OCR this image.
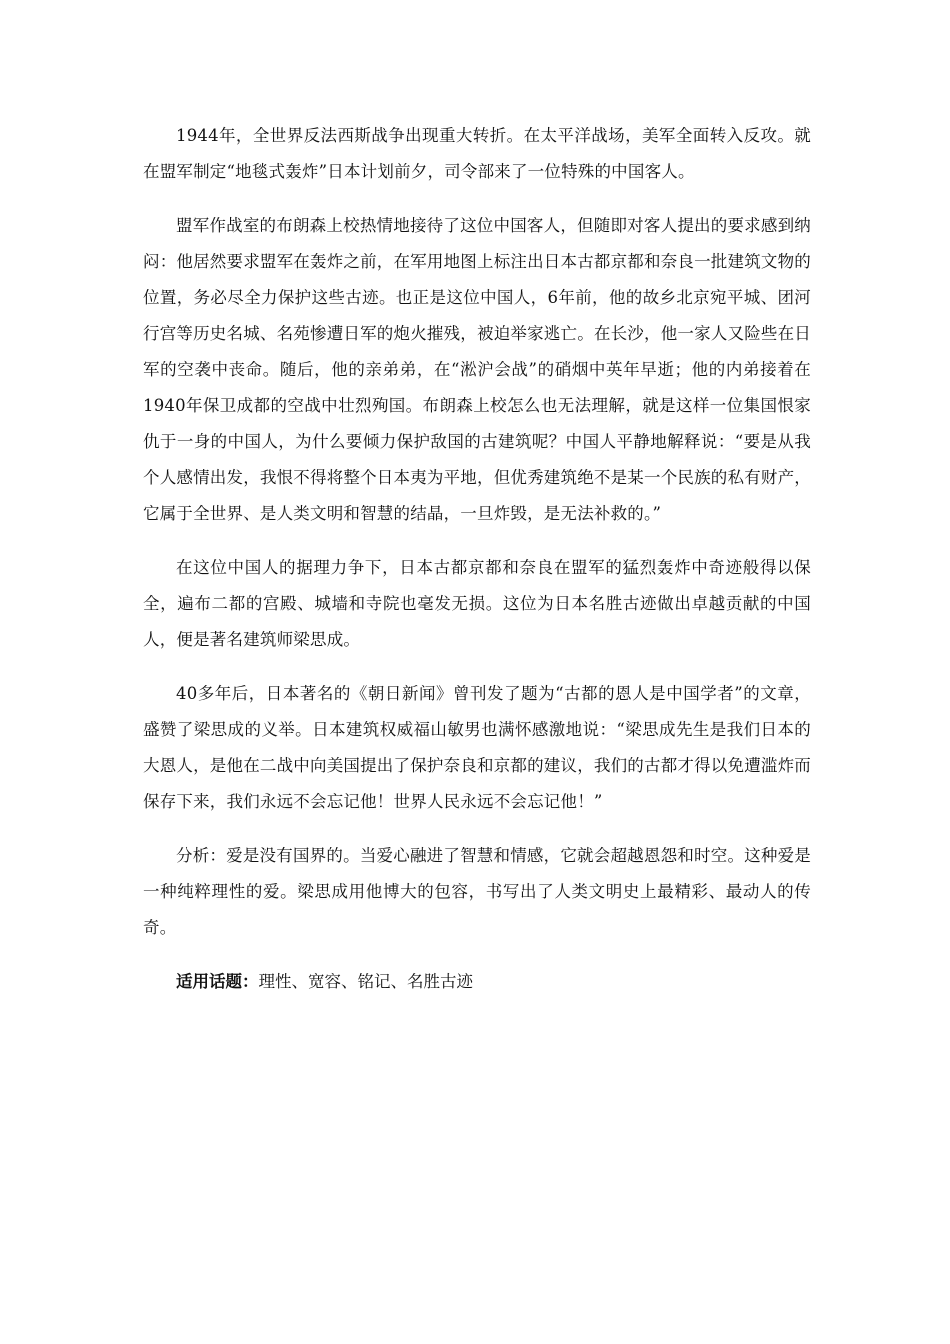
1944年，全世界反法西斯战争出现重大转折。在太平洋战场，美军全面转入反攻。就在盟军制定“地毯式轰炸”日本计划前夕，司令部来了一位特殊的中国客人。

盟军作战室的布朗森上校热情地接待了这位中国客人，但随即对客人提出的要求感到纳闷：他居然要求盟军在轰炸之前，在军用地图上标注出日本古都京都和奈良一批建筑文物的位置，务必尽全力保护这些古迹。也正是这位中国人，6年前，他的故乡北京宛平城、团河行宫等历史名城、名苑惨遭日军的炮火摧残，被迫举家逃亡。在长沙，他一家人又险些在日军的空袭中丧命。随后，他的亲弟弟，在“淞沪会战”的硝烟中英年早逝；他的内弟接着在1940年保卫成都的空战中壮烈殉国。布朗森上校怎么也无法理解，就是这样一位集国恨家仇于一身的中国人，为什么要倾力保护敌国的古建筑呢？中国人平静地解释说：“要是从我个人感情出发，我恨不得将整个日本夷为平地，但优秀建筑绝不是某一个民族的私有财产，它属于全世界、是人类文明和智慧的结晶，一旦炸毁，是无法补救的。”

在这位中国人的据理力争下，日本古都京都和奈良在盟军的猛烈轰炸中奇迹般得以保全，遍布二都的宫殿、城墙和寺院也毫发无损。这位为日本名胜古迹做出卓越贡献的中国人，便是著名建筑师梁思成。

40多年后，日本著名的《朝日新闻》曾刊发了题为“古都的恩人是中国学者”的文章，盛赞了梁思成的义举。日本建筑权威福山敏男也满怀感激地说：“梁思成先生是我们日本的大恩人，是他在二战中向美国提出了保护奈良和京都的建议，我们的古都才得以免遭滥炸而保存下来，我们永远不会忘记他！世界人民永远不会忘记他！”

分析：爱是没有国界的。当爱心融进了智慧和情感，它就会超越恩怨和时空。这种爱是一种纯粹理性的爱。梁思成用他博大的包容，书写出了人类文明史上最精彩、最动人的传奇。

适用话题：理性、宽容、铭记、名胜古迹
